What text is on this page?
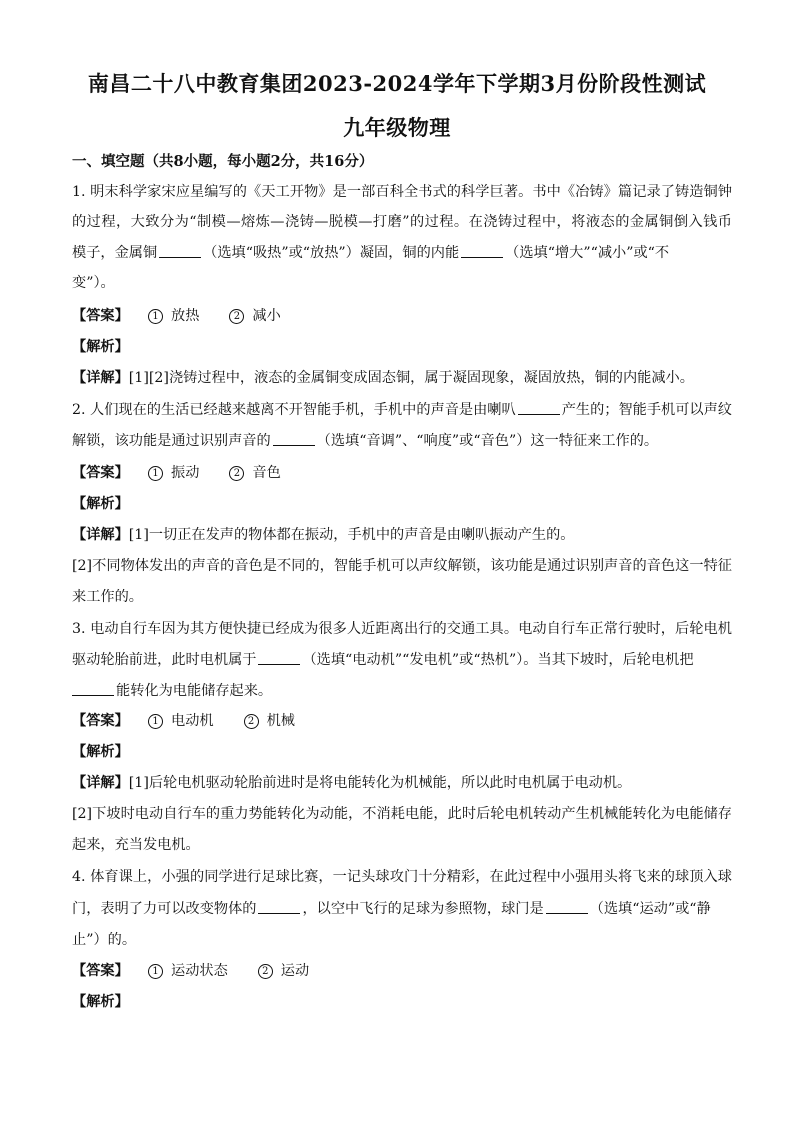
南昌二十八中教育集团2023-2024学年下学期3月份阶段性测试
九年级物理
一、填空题（共8小题，每小题2分，共16分）
1. 明末科学家宋应星编写的《天工开物》是一部百科全书式的科学巨著。书中《冶铸》篇记录了铸造铜钟
的过程，大致分为“制模—熔炼—浇铸—脱模—打磨”的过程。在浇铸过程中，将液态的金属铜倒入钱币
模子，金属铜	（选填“吸热”或“放热”）凝固，铜的内能	（选填“增大”“减小”或“不
变”）。
【答案】 1 放热	2 减小
【解析】
【详解】[1][2]浇铸过程中，液态的金属铜变成固态铜，属于凝固现象，凝固放热，铜的内能减小。
2. 人们现在的生活已经越来越离不开智能手机，手机中的声音是由喇叭	产生的；智能手机可以声纹
解锁，该功能是通过识别声音的	（选填“音调”、“响度”或“音色”）这一特征来工作的。
【答案】 1 振动	2 音色
【解析】
【详解】[1]一切正在发声的物体都在振动，手机中的声音是由喇叭振动产生的。
[2]不同物体发出的声音的音色是不同的，智能手机可以声纹解锁，该功能是通过识别声音的音色这一特征
来工作的。
3. 电动自行车因为其方便快捷已经成为很多人近距离出行的交通工具。电动自行车正常行驶时，后轮电机
驱动轮胎前进，此时电机属于	（选填“电动机”“发电机”或“热机”）。当其下坡时，后轮电机把
能转化为电能储存起来。
【答案】 1 电动机	2 机械
【解析】
【详解】[1]后轮电机驱动轮胎前进时是将电能转化为机械能，所以此时电机属于电动机。
[2]下坡时电动自行车的重力势能转化为动能，不消耗电能，此时后轮电机转动产生机械能转化为电能储存
起来，充当发电机。
4. 体育课上，小强的同学进行足球比赛，一记头球攻门十分精彩，在此过程中小强用头将飞来的球顶入球
门，表明了力可以改变物体的	，以空中飞行的足球为参照物，球门是	（选填“运动”或“静
止”）的。
【答案】 1 运动状态	2 运动
【解析】
